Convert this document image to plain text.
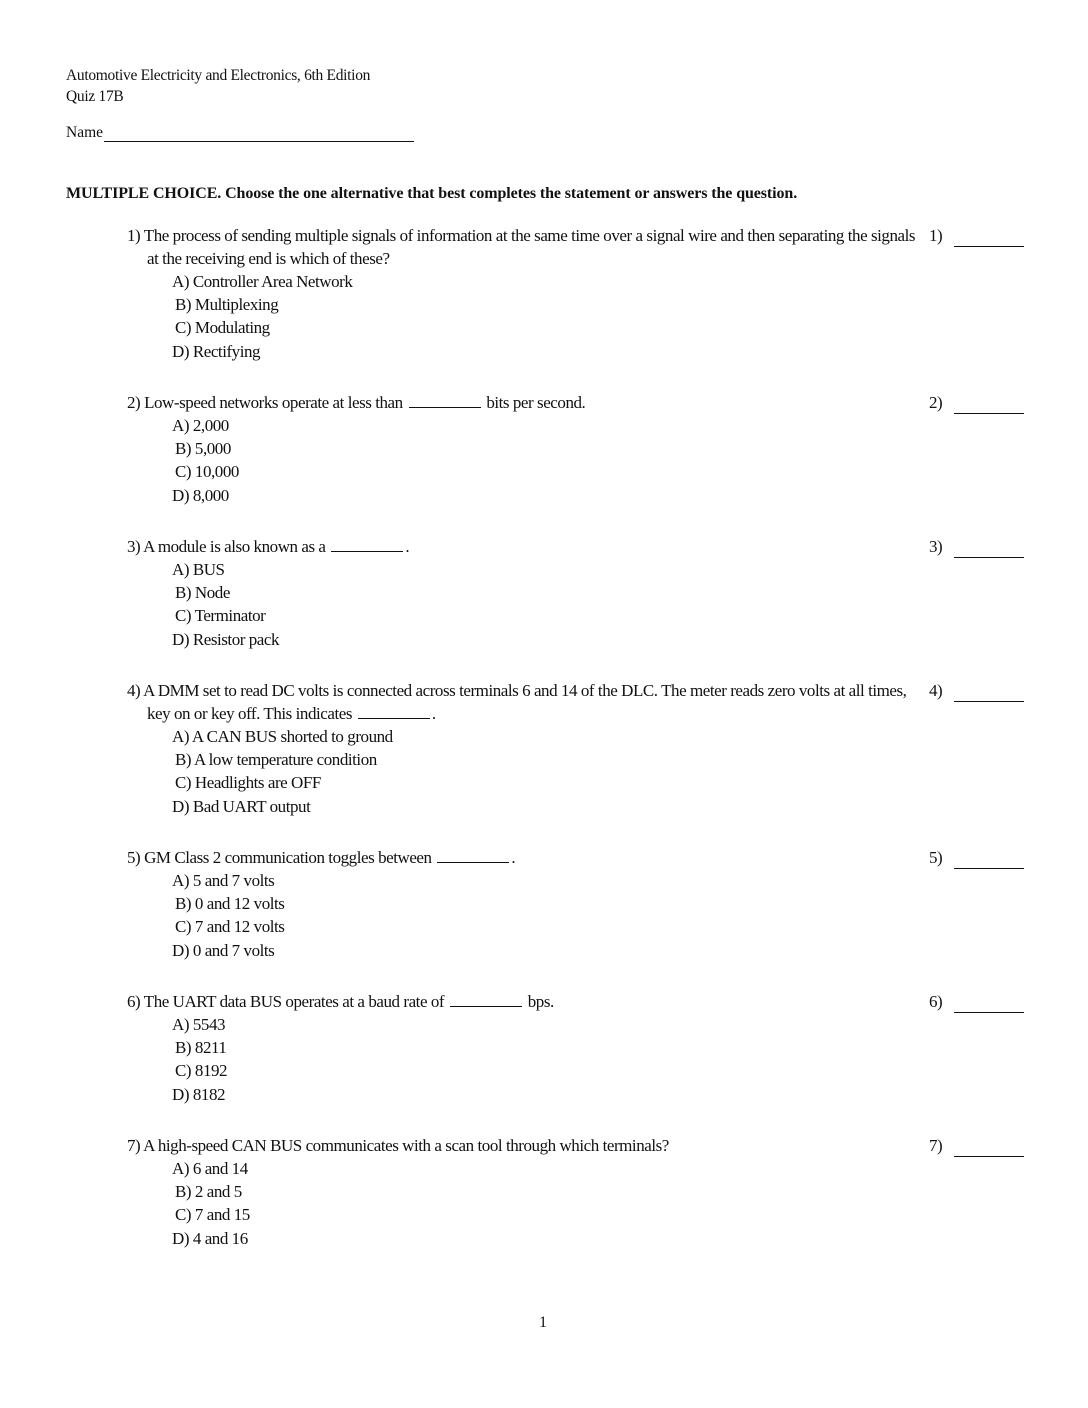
Automotive Electricity and Electronics, 6th Edition
Quiz 17B
Name
MULTIPLE CHOICE. Choose the one alternative that best completes the statement or answers the question.
1) The process of sending multiple signals of information at the same time over a signal wire and then separating the signals at the receiving end is which of these?
A) Controller Area Network
B) Multiplexing
C) Modulating
D) Rectifying
1)
2) Low-speed networks operate at less than	bits per second.
A) 2,000
B) 5,000
C) 10,000
D) 8,000
2)
3) A module is also known as a	.
A) BUS
B) Node
C) Terminator
D) Resistor pack
3)
4) A DMM set to read DC volts is connected across terminals 6 and 14 of the DLC. The meter reads zero volts at all times, key on or key off. This indicates	.
A) A CAN BUS shorted to ground
B) A low temperature condition
C) Headlights are OFF
D) Bad UART output
4)
5) GM Class 2 communication toggles between	.
A) 5 and 7 volts
B) 0 and 12 volts
C) 7 and 12 volts
D) 0 and 7 volts
5)
6) The UART data BUS operates at a baud rate of	bps.
A) 5543
B) 8211
C) 8192
D) 8182
6)
7) A high-speed CAN BUS communicates with a scan tool through which terminals?
A) 6 and 14
B) 2 and 5
C) 7 and 15
D) 4 and 16
7)
1
